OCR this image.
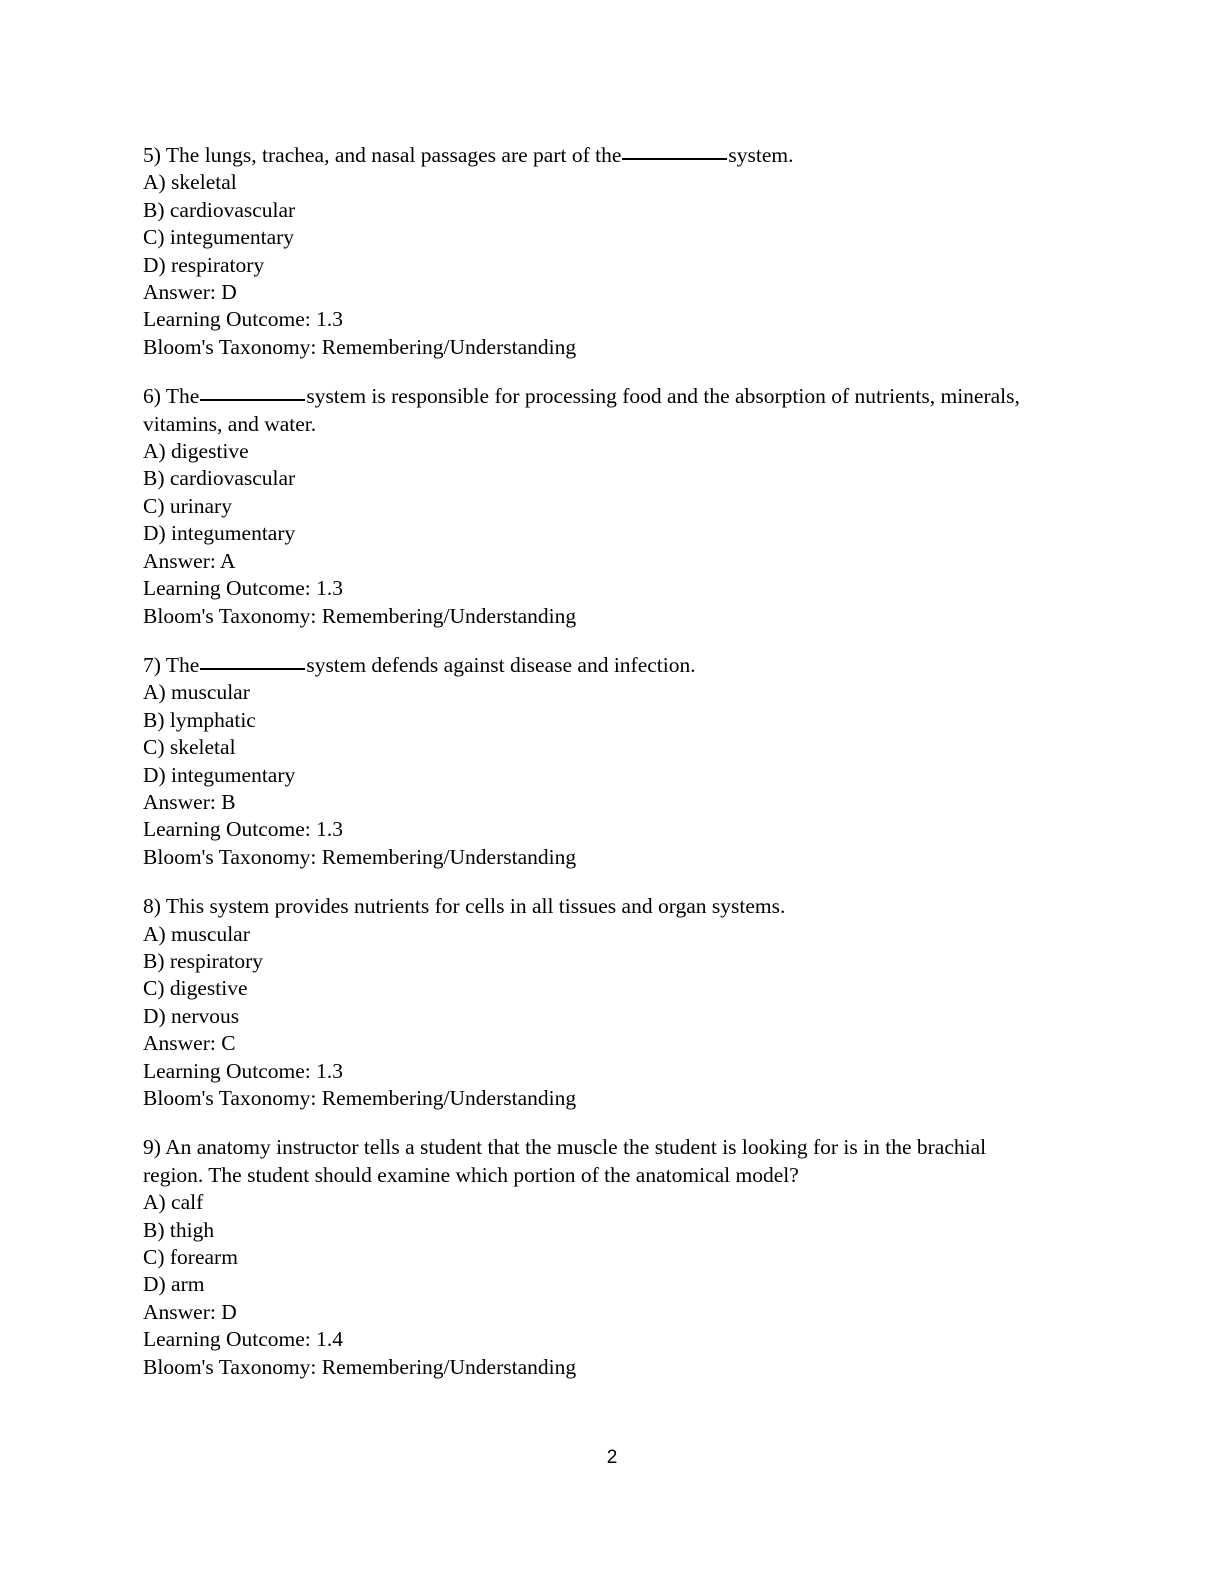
5) The lungs, trachea, and nasal passages are part of the	system.
A) skeletal
B) cardiovascular
C) integumentary
D) respiratory
Answer: D
Learning Outcome: 1.3
Bloom's Taxonomy: Remembering/Understanding
6) The	system is responsible for processing food and the absorption of nutrients, minerals, vitamins, and water.
A) digestive
B) cardiovascular
C) urinary
D) integumentary
Answer: A
Learning Outcome: 1.3
Bloom's Taxonomy: Remembering/Understanding
7) The	system defends against disease and infection.
A) muscular
B) lymphatic
C) skeletal
D) integumentary
Answer: B
Learning Outcome: 1.3
Bloom's Taxonomy: Remembering/Understanding
8) This system provides nutrients for cells in all tissues and organ systems.
A) muscular
B) respiratory
C) digestive
D) nervous
Answer: C
Learning Outcome: 1.3
Bloom's Taxonomy: Remembering/Understanding
9) An anatomy instructor tells a student that the muscle the student is looking for is in the brachial region. The student should examine which portion of the anatomical model?
A) calf
B) thigh
C) forearm
D) arm
Answer: D
Learning Outcome: 1.4
Bloom's Taxonomy: Remembering/Understanding
2
